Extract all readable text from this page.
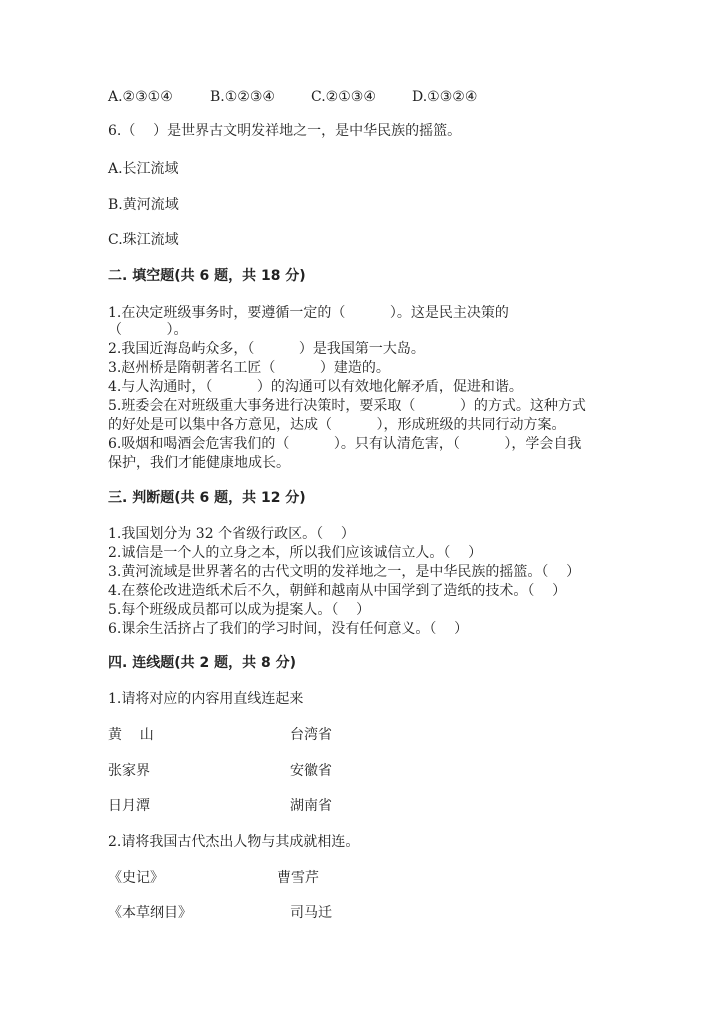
A.②③①④	B.①②③④	C.②①③④	D.①③②④
6.（    ）是世界古文明发祥地之一，是中华民族的摇篮。
A.长江流域
B.黄河流域
C.珠江流域
二. 填空题(共 6 题，共 18 分)
1.在决定班级事务时，要遵循一定的（          ）。这是民主决策的
（          ）。
2.我国近海岛屿众多，（          ）是我国第一大岛。
3.赵州桥是隋朝著名工匠（          ）建造的。
4.与人沟通时，（          ）的沟通可以有效地化解矛盾，促进和谐。
5.班委会在对班级重大事务进行决策时，要采取（          ）的方式。这种方式
的好处是可以集中各方意见，达成（          ），形成班级的共同行动方案。
6.吸烟和喝酒会危害我们的（          ）。只有认清危害，（          ），学会自我
保护，我们才能健康地成长。
三. 判断题(共 6 题，共 12 分)
1.我国划分为 32 个省级行政区。（    ）
2.诚信是一个人的立身之本，所以我们应该诚信立人。（    ）
3.黄河流域是世界著名的古代文明的发祥地之一，是中华民族的摇篮。（    ）
4.在蔡伦改进造纸术后不久，朝鲜和越南从中国学到了造纸的技术。（    ）
5.每个班级成员都可以成为提案人。（    ）
6.课余生活挤占了我们的学习时间，没有任何意义。（    ）
四. 连线题(共 2 题，共 8 分)
1.请将对应的内容用直线连起来
黄    山	台湾省
张家界	安徽省
日月潭	湖南省
2.请将我国古代杰出人物与其成就相连。
《史记》	曹雪芹
《本草纲目》	司马迁
